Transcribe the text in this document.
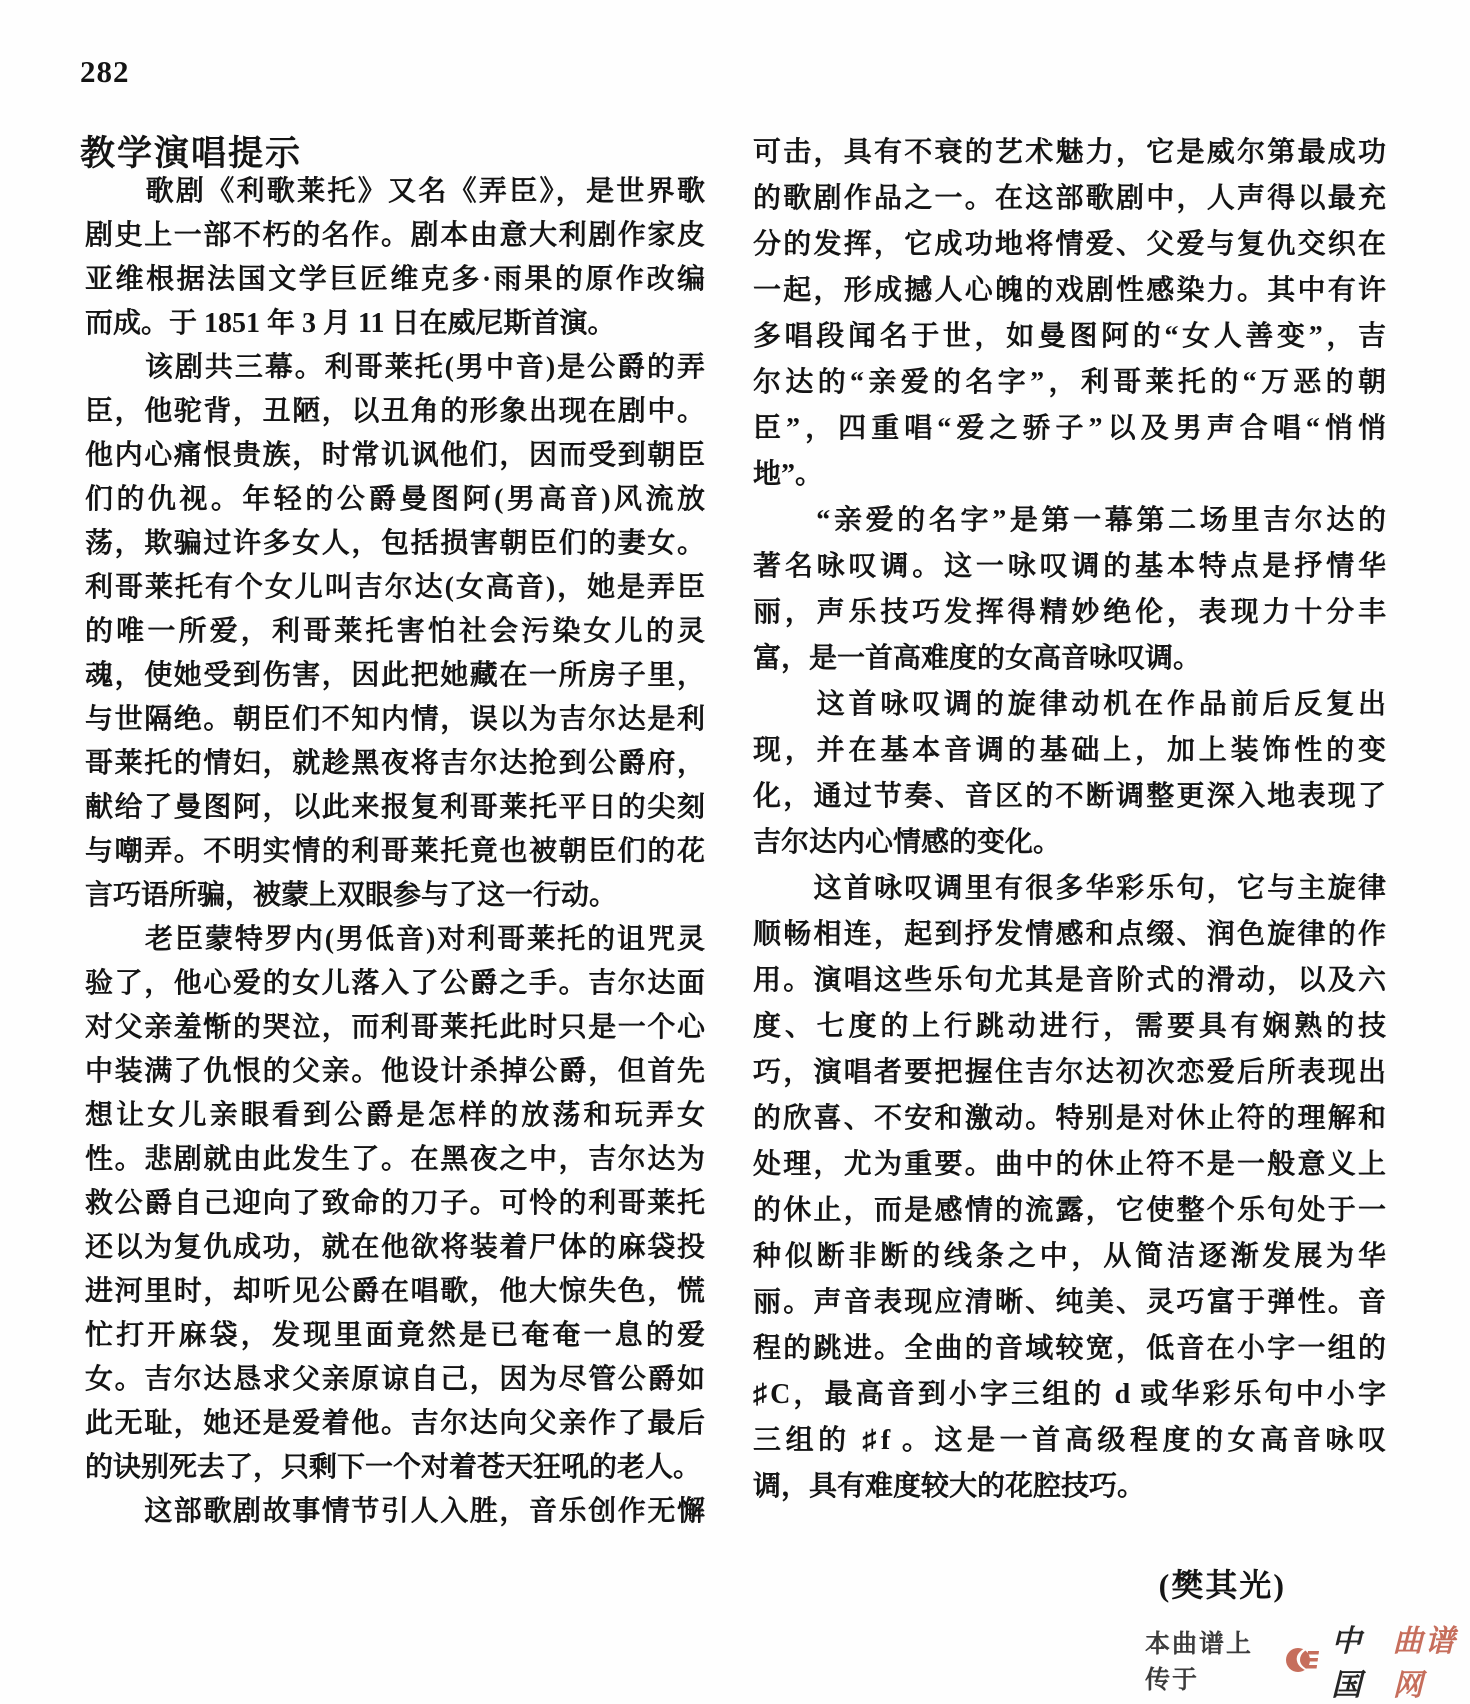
282
教学演唱提示
　　歌剧《利歌莱托》又名《弄臣》，是世界歌
剧史上一部不朽的名作。剧本由意大利剧作家皮
亚维根据法国文学巨匠维克多·雨果的原作改编
而成。于 1851 年 3 月 11 日在威尼斯首演。
　　该剧共三幕。利哥莱托(男中音)是公爵的弄
臣，他驼背，丑陋，以丑角的形象出现在剧中。
他内心痛恨贵族，时常讥讽他们，因而受到朝臣
们的仇视。年轻的公爵曼图阿(男高音)风流放
荡，欺骗过许多女人，包括损害朝臣们的妻女。
利哥莱托有个女儿叫吉尔达(女高音)，她是弄臣
的唯一所爱，利哥莱托害怕社会污染女儿的灵
魂，使她受到伤害，因此把她藏在一所房子里，
与世隔绝。朝臣们不知内情，误以为吉尔达是利
哥莱托的情妇，就趁黑夜将吉尔达抢到公爵府，
献给了曼图阿，以此来报复利哥莱托平日的尖刻
与嘲弄。不明实情的利哥莱托竟也被朝臣们的花
言巧语所骗，被蒙上双眼参与了这一行动。
　　老臣蒙特罗内(男低音)对利哥莱托的诅咒灵
验了，他心爱的女儿落入了公爵之手。吉尔达面
对父亲羞惭的哭泣，而利哥莱托此时只是一个心
中装满了仇恨的父亲。他设计杀掉公爵，但首先
想让女儿亲眼看到公爵是怎样的放荡和玩弄女
性。悲剧就由此发生了。在黑夜之中，吉尔达为
救公爵自己迎向了致命的刀子。可怜的利哥莱托
还以为复仇成功，就在他欲将装着尸体的麻袋投
进河里时，却听见公爵在唱歌，他大惊失色，慌
忙打开麻袋，发现里面竟然是已奄奄一息的爱
女。吉尔达恳求父亲原谅自己，因为尽管公爵如
此无耻，她还是爱着他。吉尔达向父亲作了最后
的诀别死去了，只剩下一个对着苍天狂吼的老人。
　　这部歌剧故事情节引人入胜，音乐创作无懈
可击，具有不衰的艺术魅力，它是威尔第最成功
的歌剧作品之一。在这部歌剧中，人声得以最充
分的发挥，它成功地将情爱、父爱与复仇交织在
一起，形成撼人心魄的戏剧性感染力。其中有许
多唱段闻名于世，如曼图阿的“女人善变”，吉
尔达的“亲爱的名字”，利哥莱托的“万恶的朝
臣”，四重唱“爱之骄子”以及男声合唱“悄悄
地”。
　　“亲爱的名字”是第一幕第二场里吉尔达的
著名咏叹调。这一咏叹调的基本特点是抒情华
丽，声乐技巧发挥得精妙绝伦，表现力十分丰
富，是一首高难度的女高音咏叹调。
　　这首咏叹调的旋律动机在作品前后反复出
现，并在基本音调的基础上，加上装饰性的变
化，通过节奏、音区的不断调整更深入地表现了
吉尔达内心情感的变化。
　　这首咏叹调里有很多华彩乐句，它与主旋律
顺畅相连，起到抒发情感和点缀、润色旋律的作
用。演唱这些乐句尤其是音阶式的滑动，以及六
度、七度的上行跳动进行，需要具有娴熟的技
巧，演唱者要把握住吉尔达初次恋爱后所表现出
的欣喜、不安和激动。特别是对休止符的理解和
处理，尤为重要。曲中的休止符不是一般意义上
的休止，而是感情的流露，它使整个乐句处于一
种似断非断的线条之中，从简洁逐渐发展为华
丽。声音表现应清晰、纯美、灵巧富于弹性。音
程的跳进。全曲的音域较宽，低音在小字一组的
♯C，最高音到小字三组的 d 或华彩乐句中小字
三组的 ♯f 。这是一首高级程度的女高音咏叹
调，具有难度较大的花腔技巧。
(樊其光)
本曲谱上传于
中国
曲谱网
